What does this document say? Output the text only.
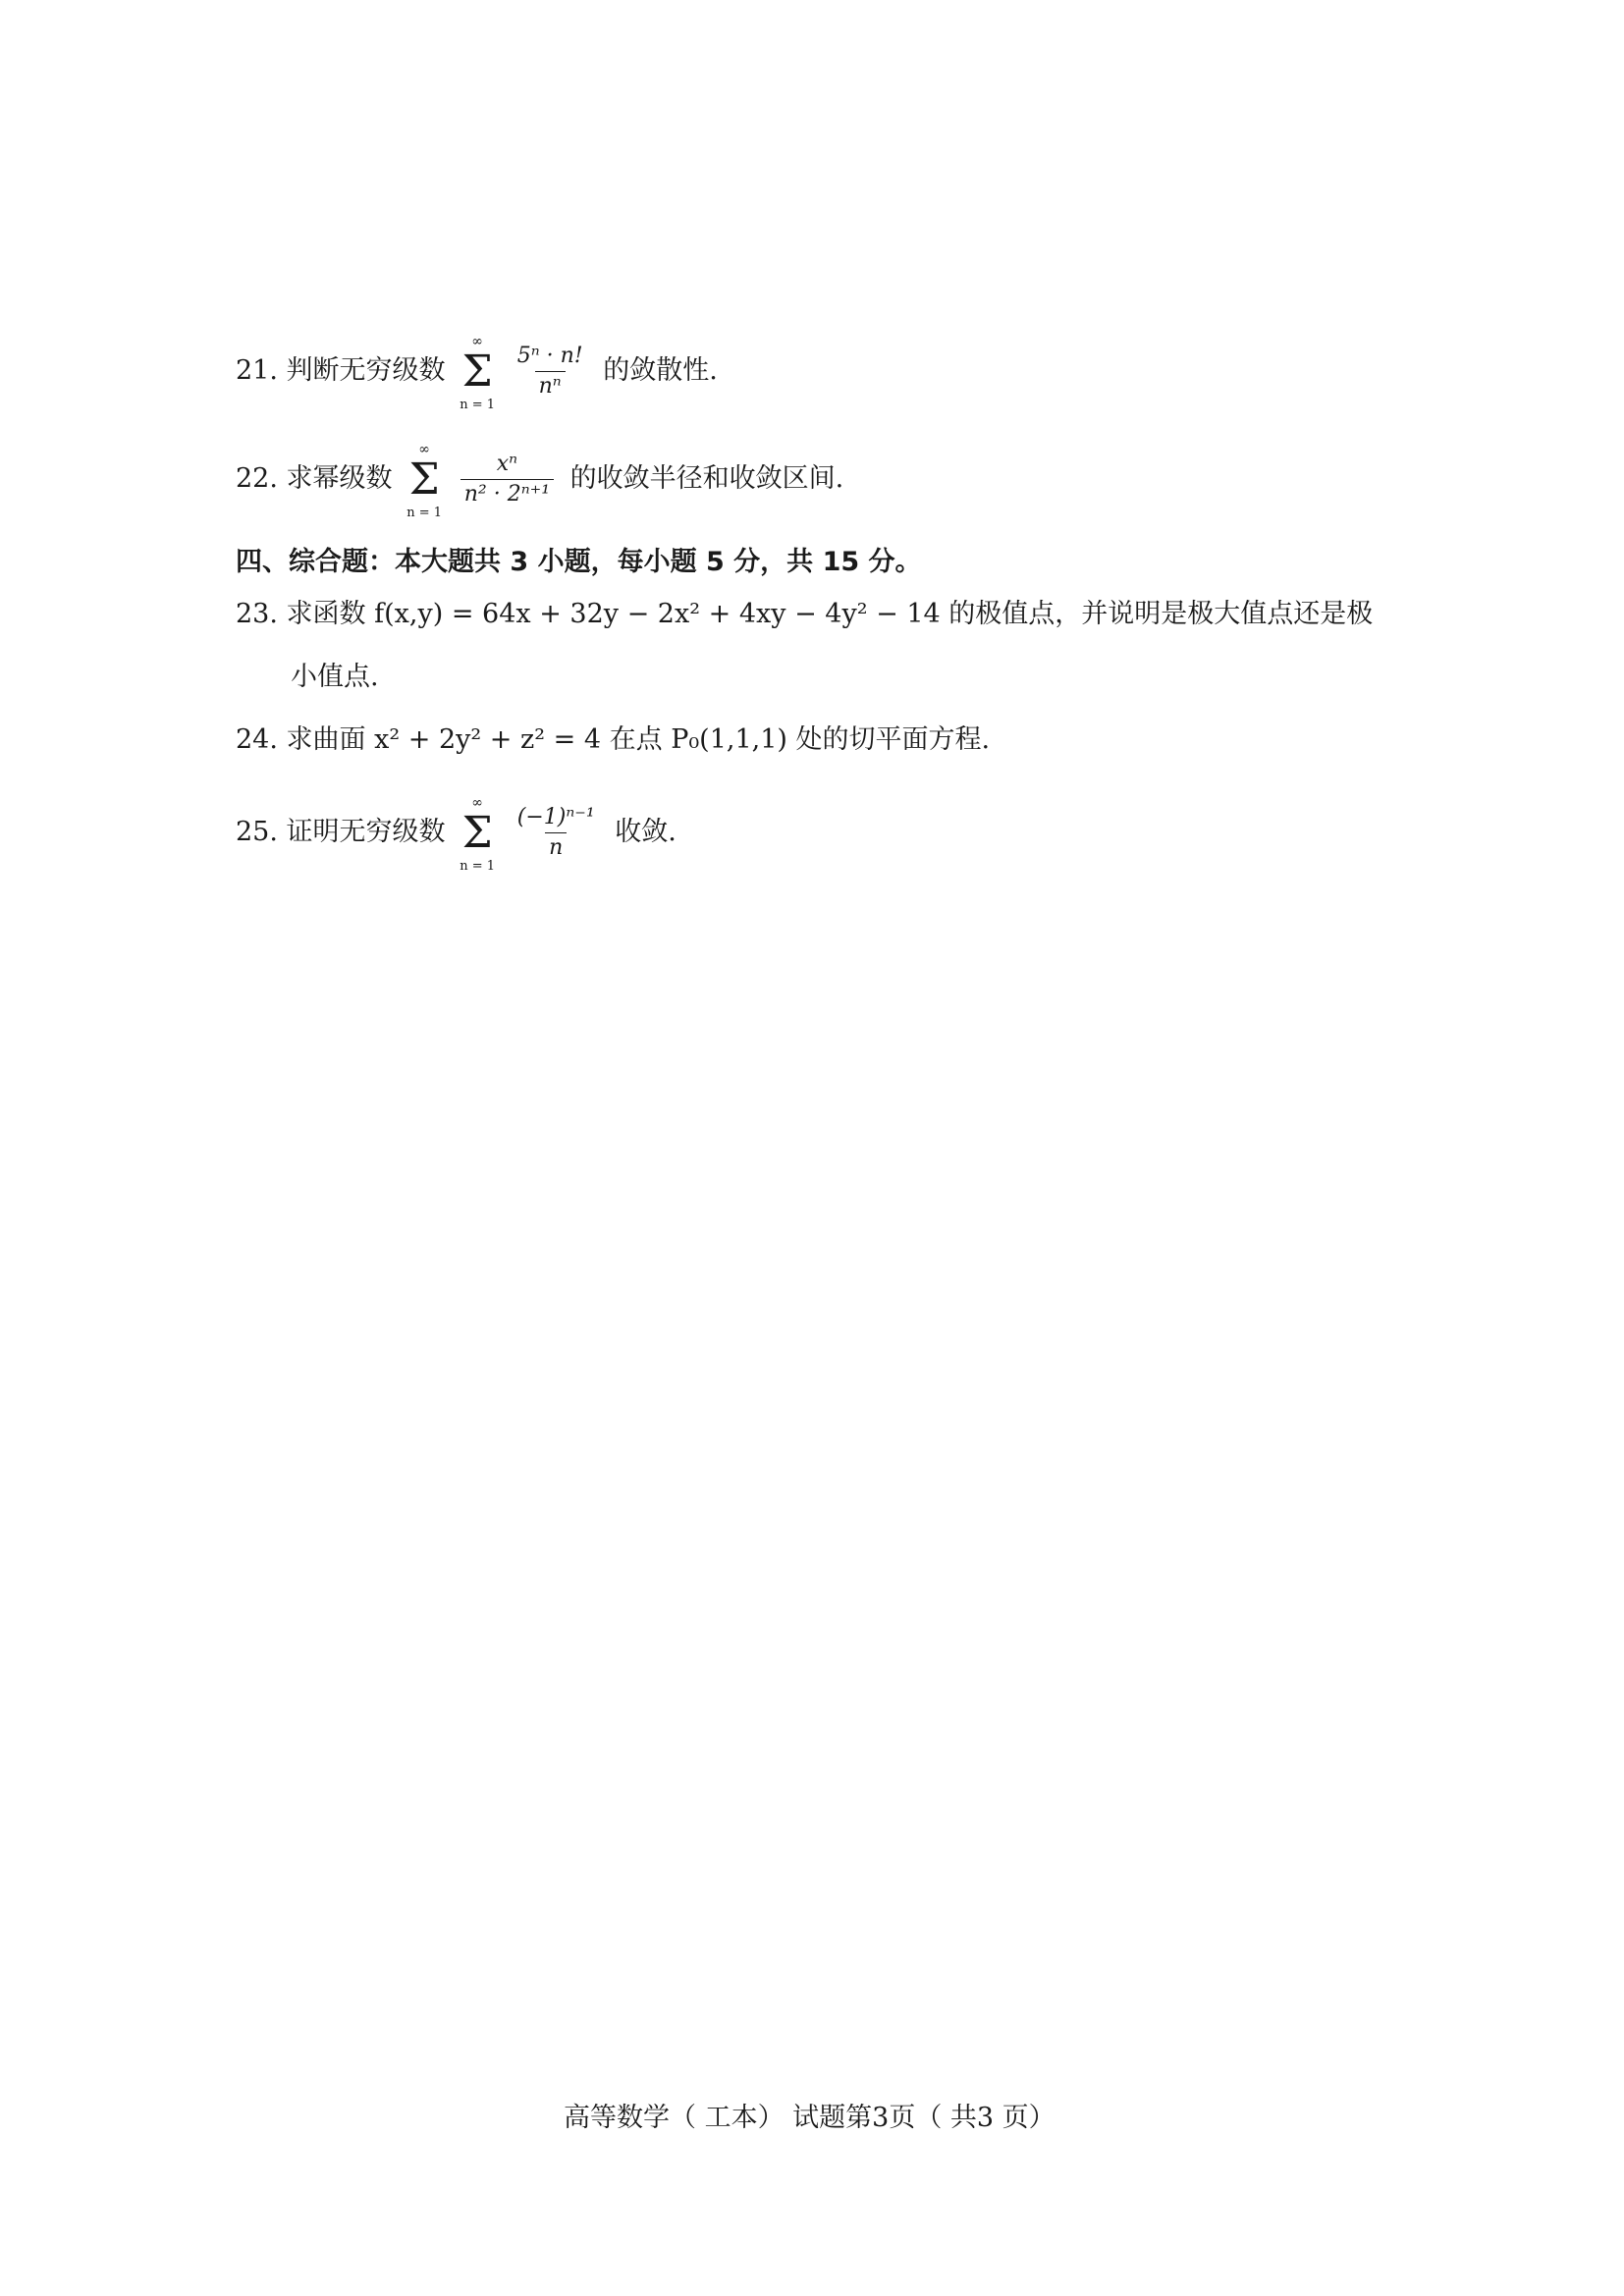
21. 判断无穷级数
∞
Σ
n = 1

$\frac{\text{5ⁿ · n!}}{\text{nⁿ}}$ 的敛散性.
22. 求幂级数
∞
Σ
n = 1

$\frac{\text{xⁿ}}{\text{n² · 2ⁿ⁺¹}}$ 的收敛半径和收敛区间.
四、综合题：本大题共 3 小题，每小题 5 分，共 15 分。
23. 求函数 f(x,y) = 64x + 32y − 2x² + 4xy − 4y² − 14 的极值点，并说明是极大值点还是极
小值点.
24. 求曲面 x² + 2y² + z² = 4 在点 P₀(1,1,1) 处的切平面方程.
25. 证明无穷级数
∞
Σ
n = 1

$\frac{\text{(−1)ⁿ⁻¹}}{n}$ 收敛.
高等数学（ 工本） 试题第3页（ 共3 页）
